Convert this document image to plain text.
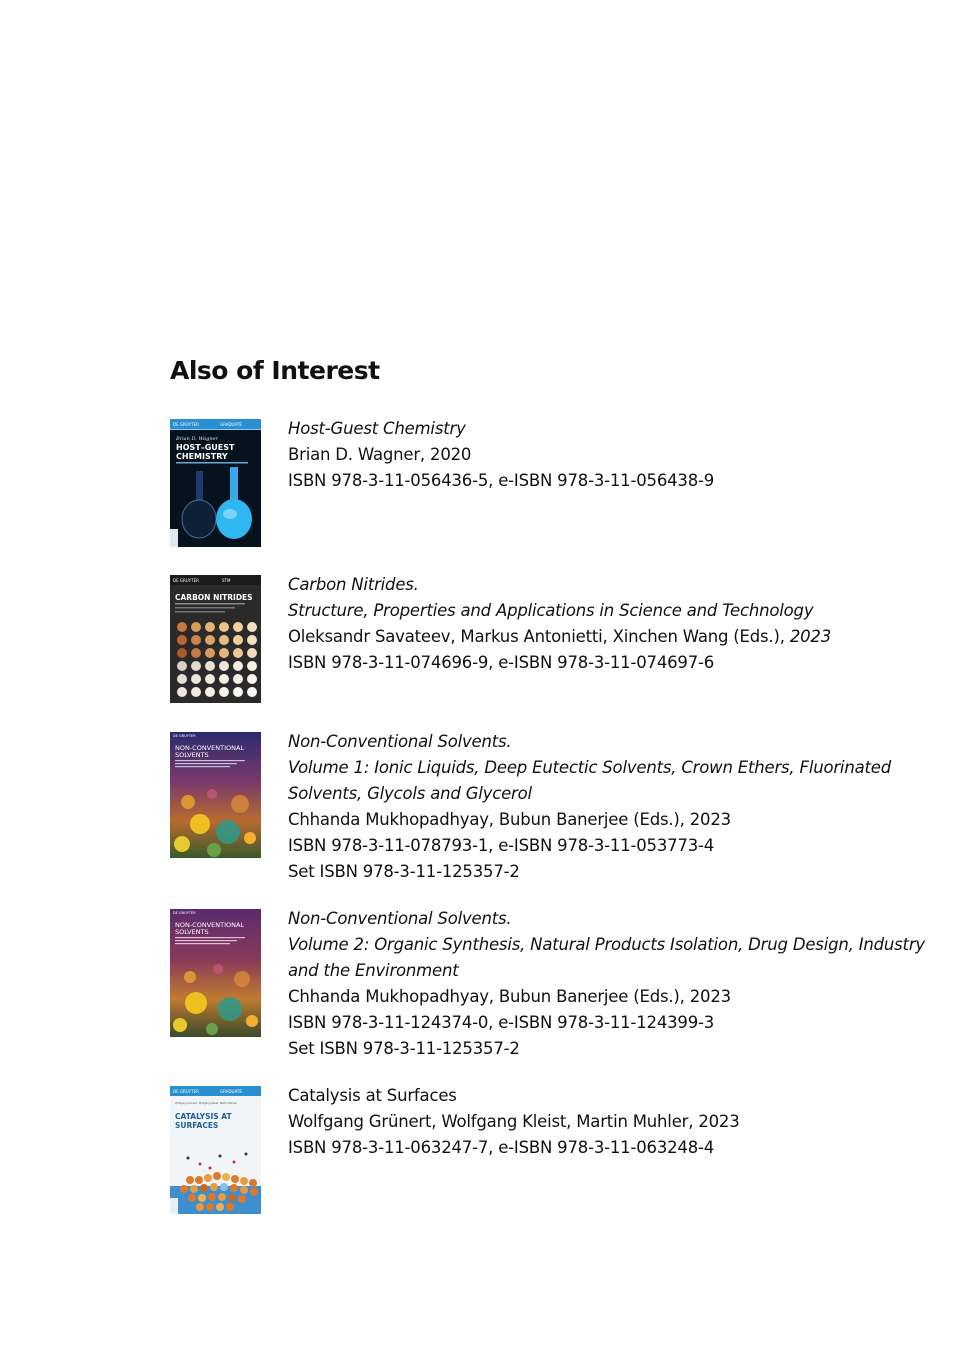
Also of Interest
DE GRUYTER	GRADUATE
Brian D. Wagner
HOST–GUEST
CHEMISTRY
Host-Guest Chemistry
Brian D. Wagner, 2020
ISBN 978-3-11-056436-5, e-ISBN 978-3-11-056438-9
DE GRUYTER	STM
CARBON NITRIDES
Carbon Nitrides.
Structure, Properties and Applications in Science and Technology
Oleksandr Savateev, Markus Antonietti, Xinchen Wang (Eds.), 2023
ISBN 978-3-11-074696-9, e-ISBN 978-3-11-074697-6
DE GRUYTER
NON-CONVENTIONAL
SOLVENTS
Non-Conventional Solvents.
Volume 1: Ionic Liquids, Deep Eutectic Solvents, Crown Ethers, Fluorinated
Solvents, Glycols and Glycerol
Chhanda Mukhopadhyay, Bubun Banerjee (Eds.), 2023
ISBN 978-3-11-078793-1, e-ISBN 978-3-11-053773-4
Set ISBN 978-3-11-125357-2
DE GRUYTER
NON-CONVENTIONAL
SOLVENTS
Non-Conventional Solvents.
Volume 2: Organic Synthesis, Natural Products Isolation, Drug Design, Industry
and the Environment
Chhanda Mukhopadhyay, Bubun Banerjee (Eds.), 2023
ISBN 978-3-11-124374-0, e-ISBN 978-3-11-124399-3
Set ISBN 978-3-11-125357-2
DE GRUYTER	GRADUATE
Wolfgang Grünert, Wolfgang Kleist, Martin Muhler
CATALYSIS AT
SURFACES
Catalysis at Surfaces
Wolfgang Grünert, Wolfgang Kleist, Martin Muhler, 2023
ISBN 978-3-11-063247-7, e-ISBN 978-3-11-063248-4
